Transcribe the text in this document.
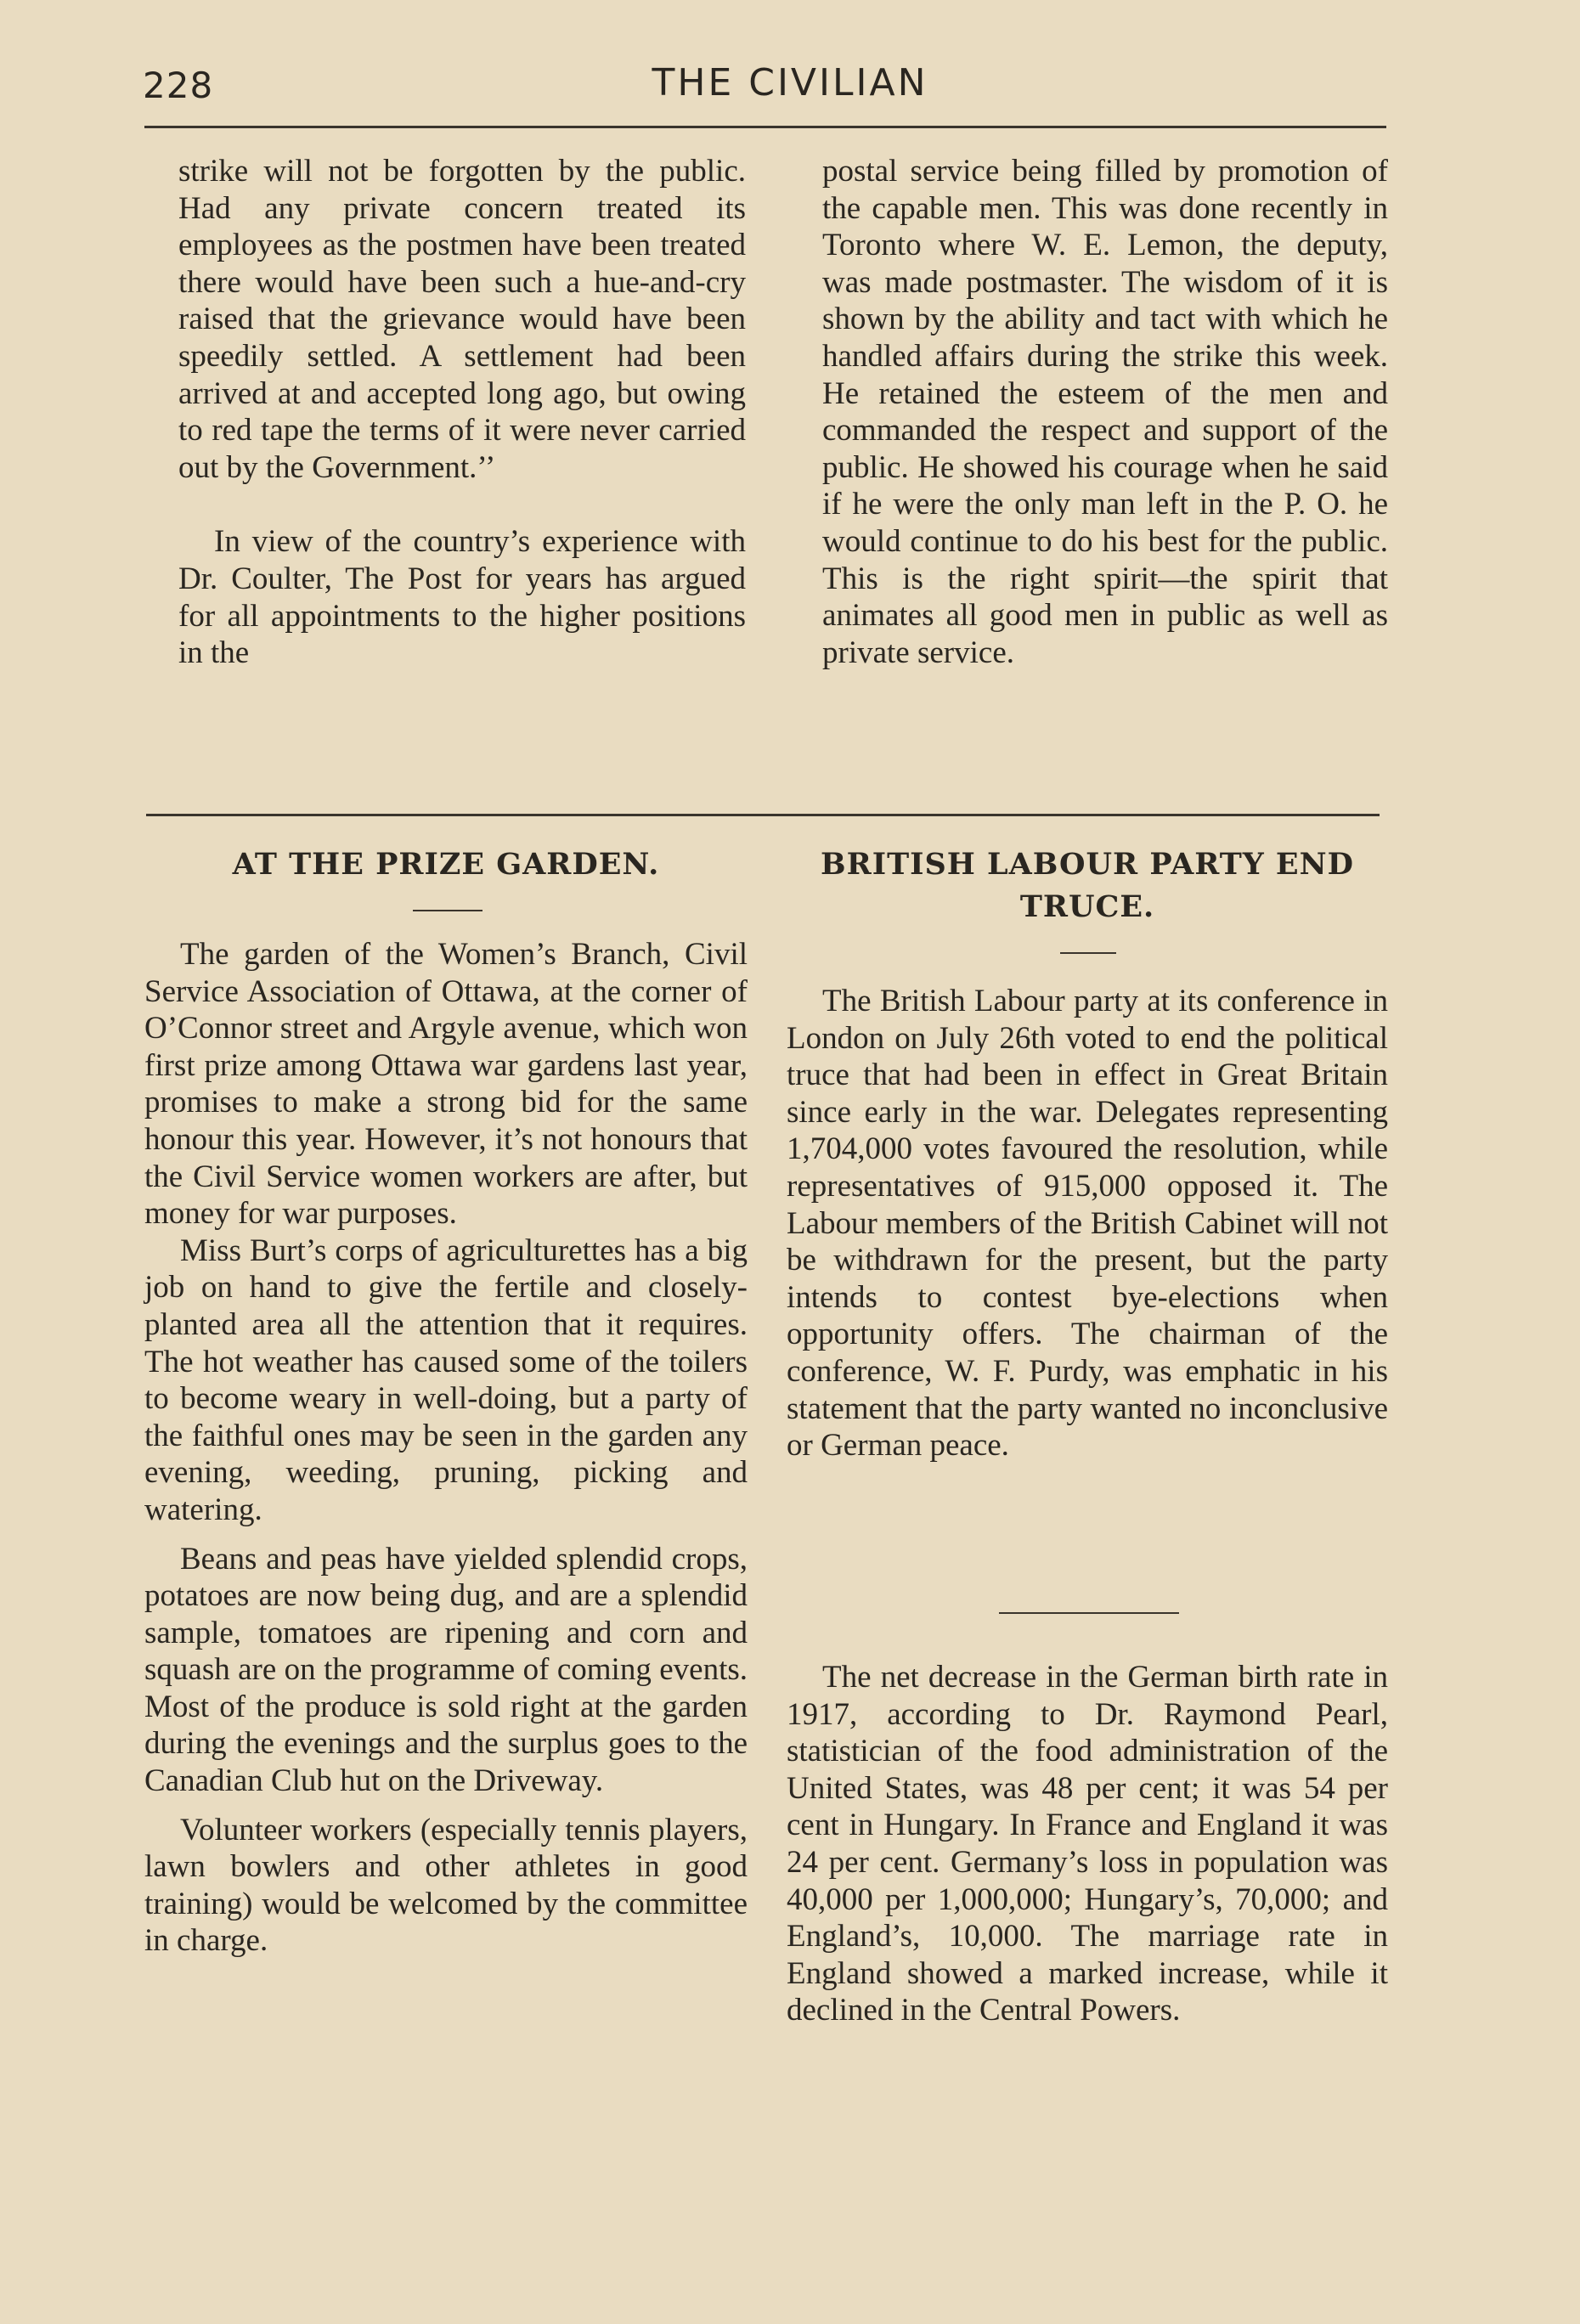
228	THE CIVILIAN

strike will not be forgotten by the public. Had any private concern treated its employees as the postmen have been treated there would have been such a hue-and-cry raised that the grievance would have been speedily settled. A settlement had been arrived at and accepted long ago, but owing to red tape the terms of it were never carried out by the Government.’’

In view of the country’s experience with Dr. Coulter, The Post for years has argued for all appointments to the higher positions in the

postal service being filled by promotion of the capable men. This was done recently in Toronto where W. E. Lemon, the deputy, was made postmaster. The wisdom of it is shown by the ability and tact with which he handled affairs during the strike this week. He retained the esteem of the men and commanded the respect and support of the public. He showed his courage when he said if he were the only man left in the P. O. he would continue to do his best for the public. This is the right spirit—the spirit that animates all good men in public as well as private service.

AT THE PRIZE GARDEN.

The garden of the Women’s Branch, Civil Service Association of Ottawa, at the corner of O’Connor street and Argyle avenue, which won first prize among Ottawa war gardens last year, promises to make a strong bid for the same honour this year. However, it’s not honours that the Civil Service women workers are after, but money for war purposes.

Miss Burt’s corps of agriculturettes has a big job on hand to give the fertile and closely-planted area all the attention that it requires. The hot weather has caused some of the toilers to become weary in well-doing, but a party of the faithful ones may be seen in the garden any evening, weeding, pruning, picking and watering.

Beans and peas have yielded splendid crops, potatoes are now being dug, and are a splendid sample, tomatoes are ripening and corn and squash are on the programme of coming events. Most of the produce is sold right at the garden during the evenings and the surplus goes to the Canadian Club hut on the Driveway.

Volunteer workers (especially tennis players, lawn bowlers and other athletes in good training) would be welcomed by the committee in charge.

BRITISH LABOUR PARTY END
TRUCE.

The British Labour party at its conference in London on July 26th voted to end the political truce that had been in effect in Great Britain since early in the war. Delegates representing 1,704,000 votes favoured the resolution, while representatives of 915,000 opposed it. The Labour members of the British Cabinet will not be withdrawn for the present, but the party intends to contest bye-elections when opportunity offers. The chairman of the conference, W. F. Purdy, was emphatic in his statement that the party wanted no inconclusive or German peace.

The net decrease in the German birth rate in 1917, according to Dr. Raymond Pearl, statistician of the food administration of the United States, was 48 per cent; it was 54 per cent in Hungary. In France and England it was 24 per cent. Germany’s loss in population was 40,000 per 1,000,000; Hungary’s, 70,000; and England’s, 10,000. The marriage rate in England showed a marked increase, while it declined in the Central Powers.
